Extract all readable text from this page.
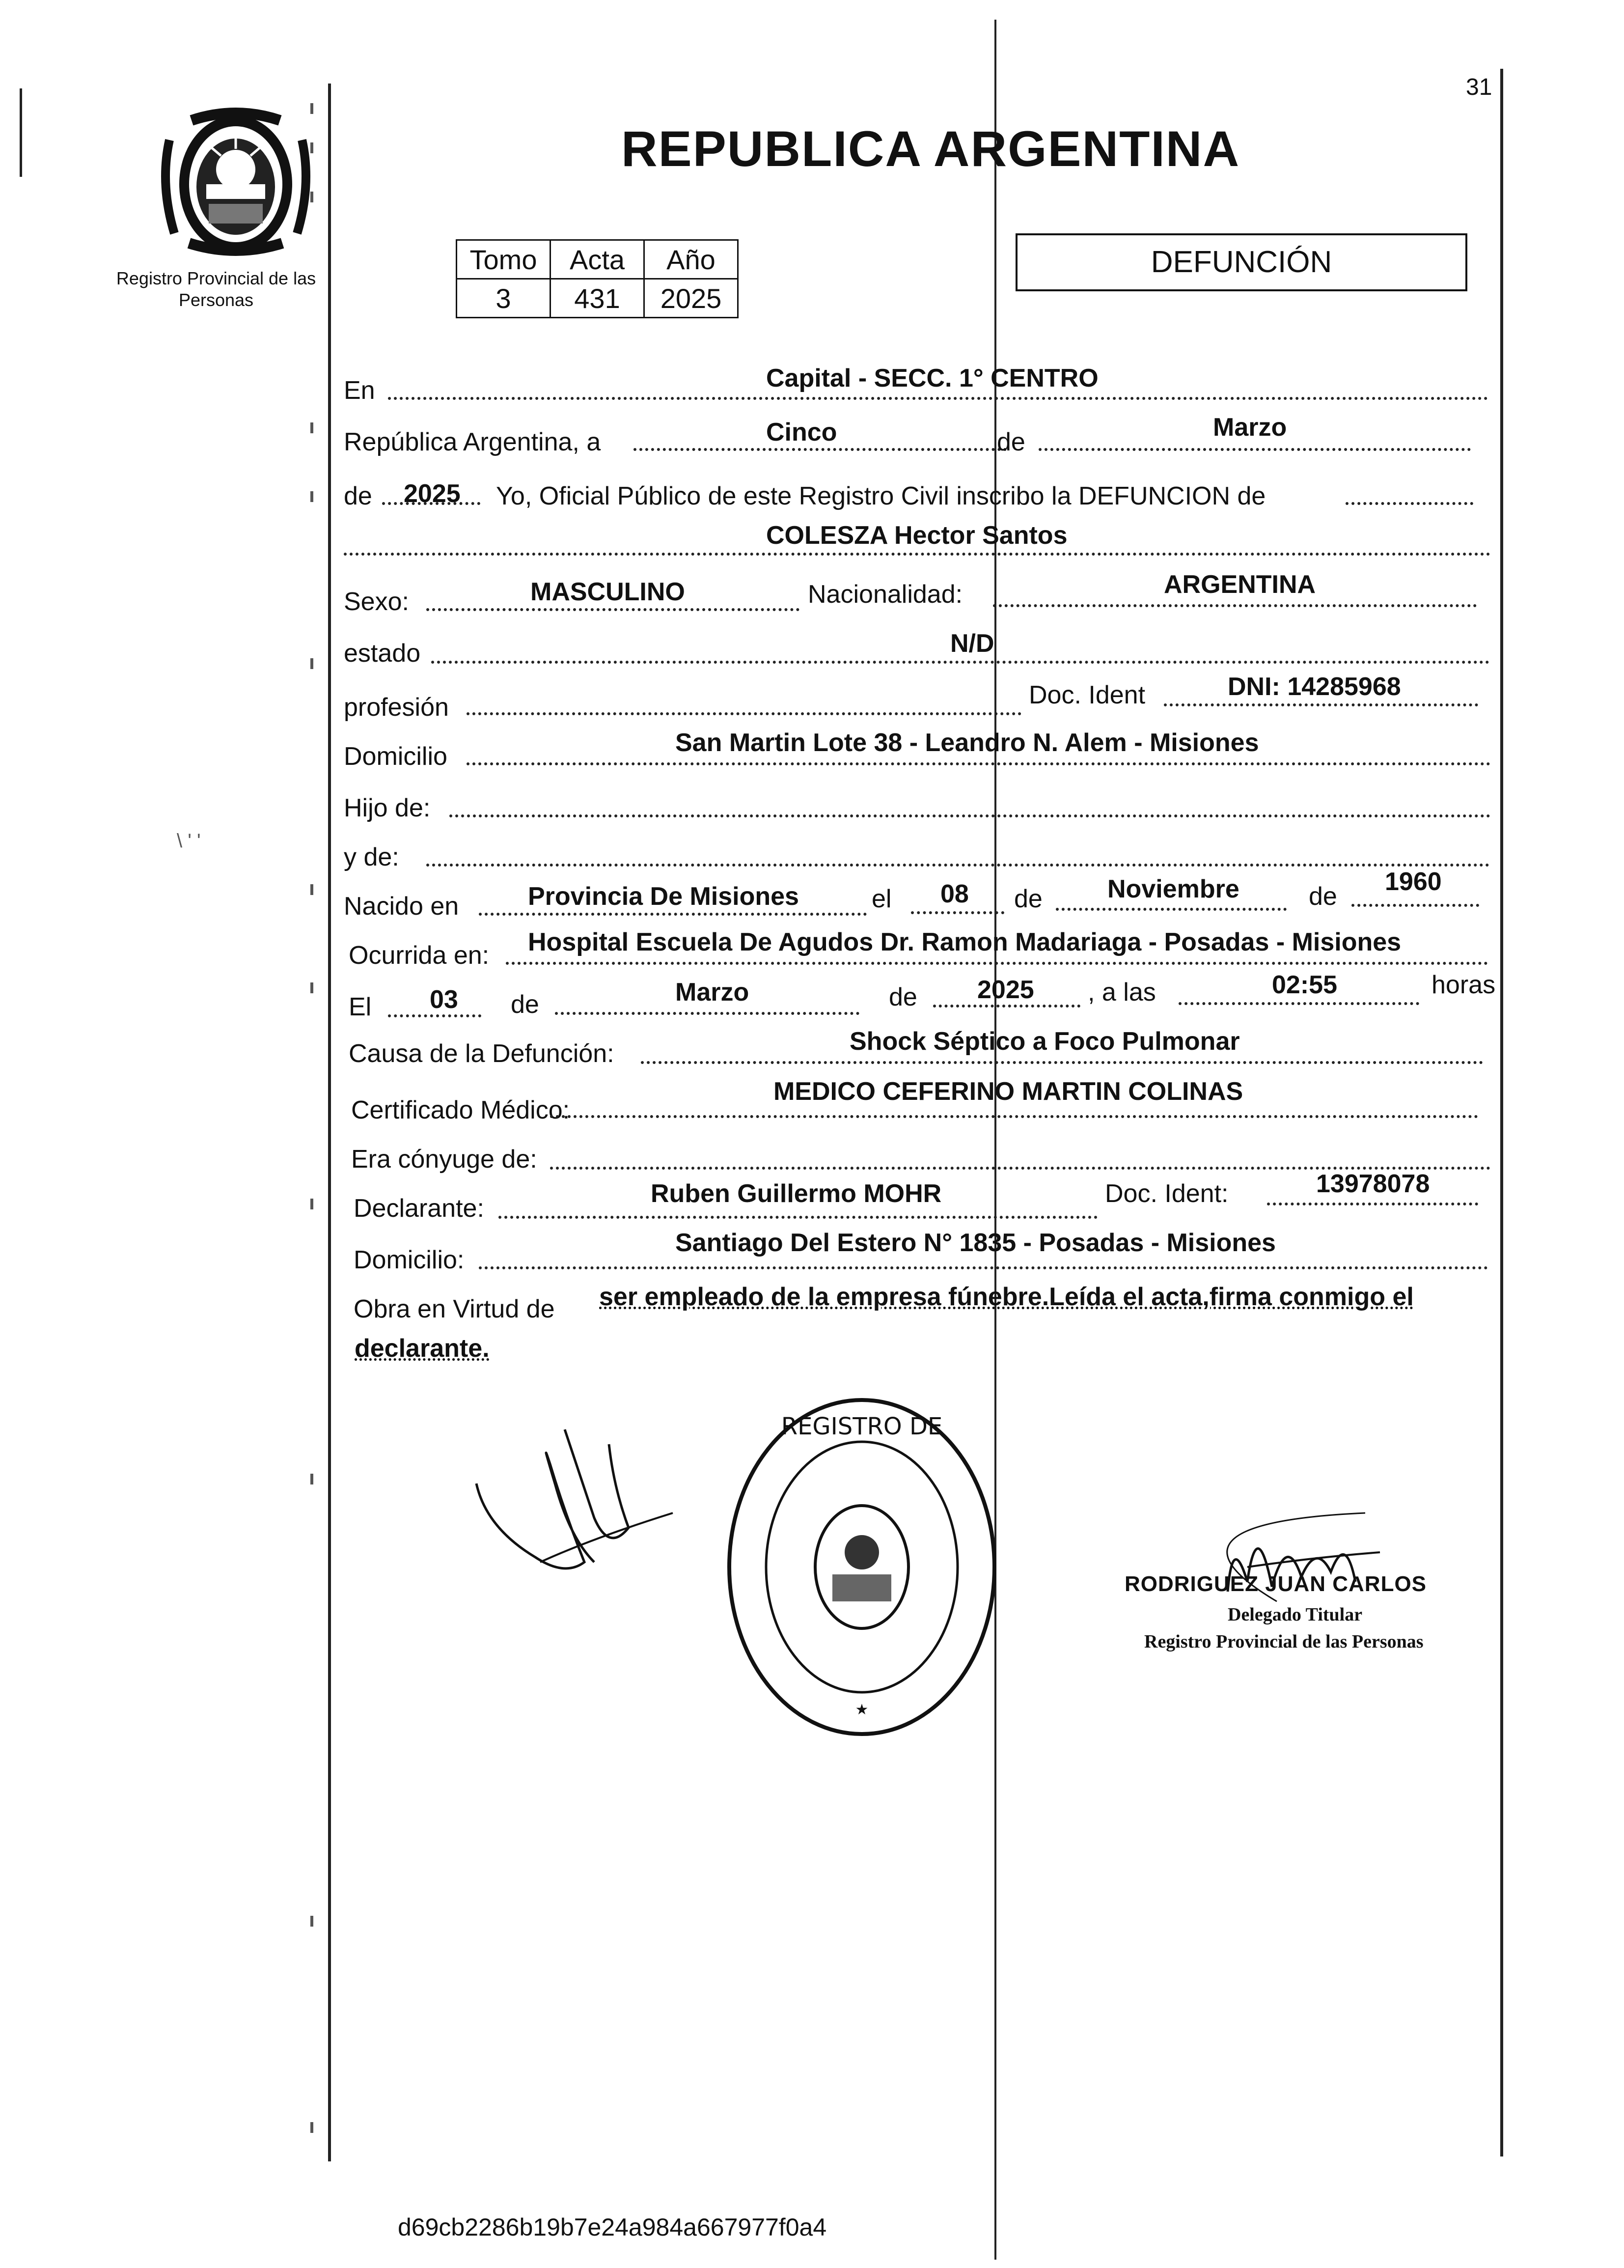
31
Registro Provincial de las Personas
REPUBLICA ARGENTINA
Tomo	Acta	Año
3	431	2025
DEFUNCIÓN
En	Capital - SECC. 1° CENTRO
República Argentina, a	Cinco	de
Marzo
de 2025 Yo, Oficial Público de este Registro Civil inscribo la DEFUNCION de
COLESZA Hector Santos
Sexo:	MASCULINO	Nacionalidad:	ARGENTINA
estado	N/D
profesión	Doc. Ident	DNI: 14285968
Domicilio	San Martin Lote 38 - Leandro N. Alem - Misiones
Hijo de:
\ ' '
y de:
Nacido en	Provincia De Misiones	el 08 de	Noviembre	de
1960
Ocurrida en: Hospital Escuela De Agudos Dr. Ramon Madariaga - Posadas - Misiones
El 03 de	Marzo	de 2025 , a las	02:55	horas
Causa de la Defunción:	Shock Séptico a Foco Pulmonar
Certificado Médico:
MEDICO CEFERINO MARTIN COLINAS
Era cónyuge de:
Declarante:
Ruben Guillermo MOHR	Doc. Ident:	13978078
Domicilio:
Santiago Del Estero N° 1835 - Posadas - Misiones
Obra en Virtud de ser empleado de la empresa fúnebre.Leída el acta,firma conmigo el
declarante.
REGISTRO DE
★
RODRIGUEZ JUAN CARLOS
Delegado Titular
Registro Provincial de las Personas
d69cb2286b19b7e24a984a667977f0a4
